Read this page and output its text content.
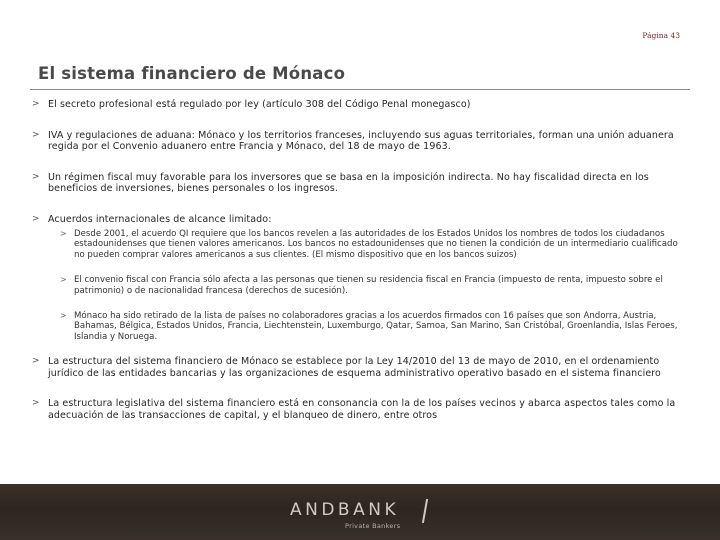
Página 43
El sistema financiero de Mónaco
> El secreto profesional está regulado por ley (artículo 308 del Código Penal monegasco)
> IVA y regulaciones de aduana: Mónaco y los territorios franceses, incluyendo sus aguas territoriales, forman una unión aduanera regida por el Convenio aduanero entre Francia y Mónaco, del 18 de mayo de 1963.
> Un régimen fiscal muy favorable para los inversores que se basa en la imposición indirecta. No hay fiscalidad directa en los beneficios de inversiones, bienes personales o los ingresos.
> Acuerdos internacionales de alcance limitado:
> Desde 2001, el acuerdo QI requiere que los bancos revelen a las autoridades de los Estados Unidos los nombres de todos los ciudadanos estadounidenses que tienen valores americanos. Los bancos no estadounidenses que no tienen la condición de un intermediario cualificado no pueden comprar valores americanos a sus clientes. (El mismo dispositivo que en los bancos suizos)
> El convenio fiscal con Francia sólo afecta a las personas que tienen su residencia fiscal en Francia (impuesto de renta, impuesto sobre el patrimonio) o de nacionalidad francesa (derechos de sucesión).
> Mónaco ha sido retirado de la lista de países no colaboradores gracias a los acuerdos firmados con 16 países que son Andorra, Austria, Bahamas, Bélgica, Estados Unidos, Francia, Liechtenstein, Luxemburgo, Qatar, Samoa, San Marino, San Cristóbal, Groenlandia, Islas Feroes, Islandia y Noruega.
> La estructura del sistema financiero de Mónaco se establece por la Ley 14/2010 del 13 de mayo de 2010, en el ordenamiento jurídico de las entidades bancarias y las organizaciones de esquema administrativo operativo basado en el sistema financiero
> La estructura legislativa del sistema financiero está en consonancia con la de los países vecinos y abarca aspectos tales como la adecuación de las transacciones de capital, y el blanqueo de dinero, entre otros
ANDBANK
Private Bankers
